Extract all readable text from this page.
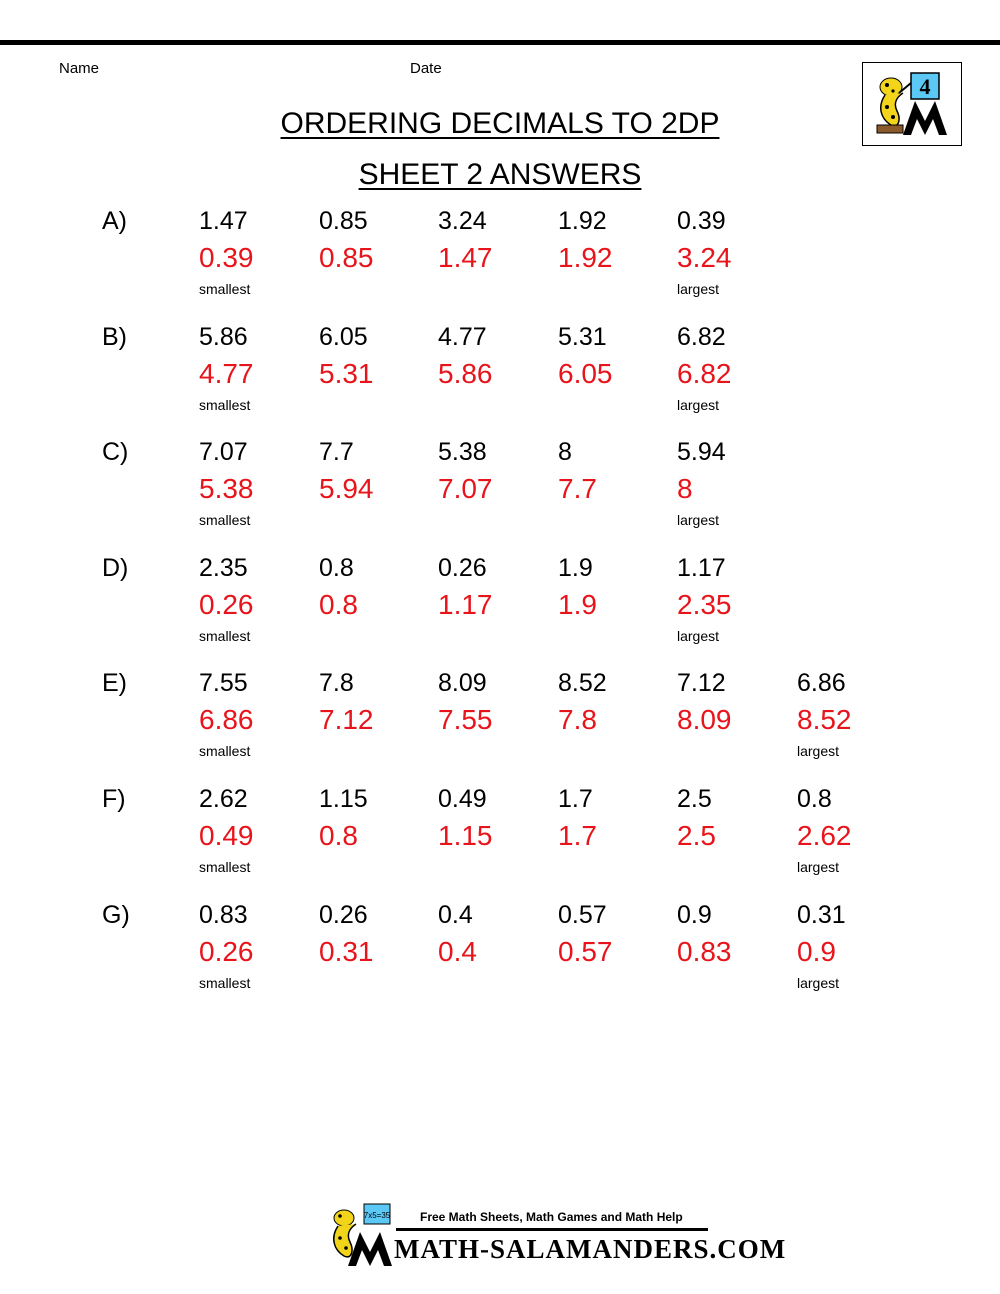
Name	Date
4
ORDERING DECIMALS TO 2DP
SHEET 2 ANSWERS
A)	1.47	0.85	3.24	1.92	0.39
0.39 0.85 1.47 1.92 3.24
smallest	largest
B)	5.86	6.05	4.77	5.31	6.82
4.77 5.31 5.86 6.05 6.82
smallest	largest
C)	7.07	7.7	5.38	8	5.94
5.38 5.94 7.07 7.7	8
smallest	largest
D)	2.35	0.8	0.26	1.9	1.17
0.26 0.8	1.17 1.9	2.35
smallest	largest
E)	7.55	7.8	8.09	8.52	7.12	6.86
6.86 7.12 7.55 7.8	8.09 8.52
smallest	largest
F)	2.62	1.15	0.49	1.7	2.5	0.8
0.49 0.8	1.15 1.7	2.5	2.62
smallest	largest
G)	0.83	0.26	0.4	0.57	0.9	0.31
0.26 0.31 0.4	0.57 0.83 0.9
smallest	largest
7x5=35 Free Math Sheets, Math Games and Math Help
MATH-SALAMANDERS.COM
